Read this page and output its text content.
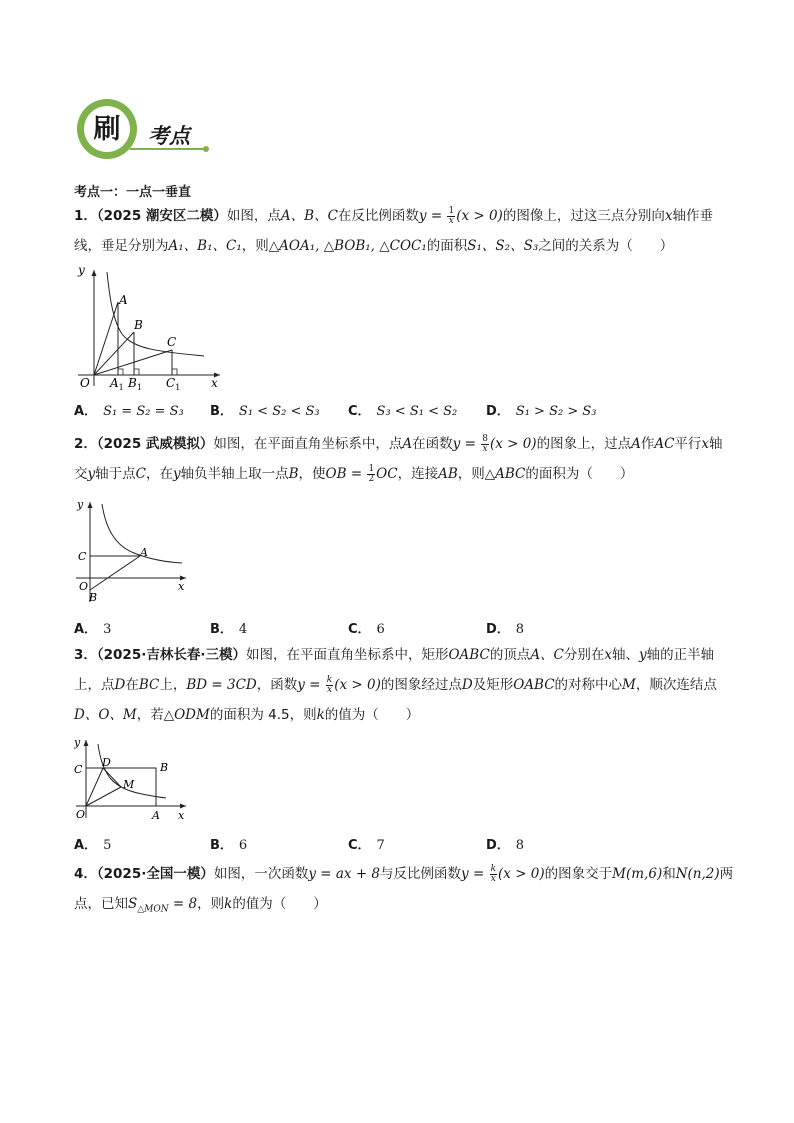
刷 考点
考点一：一点一垂直
1．（2025 潮安区二模）如图，点A、B、C在反比例函数$y = \frac{1}{x} (x > 0)$的图像上，过这三点分别向x轴作垂
线，垂足分别为A₁、B₁、C₁，则△AOA₁, △BOB₁, △COC₁的面积S₁、S₂、S₃之间的关系为（　　）
y
x
O
A
B
C
$A_1$ $B_1$ $C_1$
A． S₁ = S₂ = S₃ B． S₁ < S₂ < S₃ C． S₃ < S₁ < S₂ D． S₁ > S₂ > S₃
2．（2025 武威模拟）如图，在平面直角坐标系中，点A在函数$y = \frac{8}{x} (x > 0)$的图象上，过点A作AC平行x轴
交y轴于点C，在y轴负半轴上取一点B，使OB = $\frac{1}{2}$ OC，连接AB，则△ABC的面积为（　　）
y
x
O
C	A
B
A． 3	B． 4	C． 6	D． 8
3．（2025·吉林长春·三模）如图，在平面直角坐标系中，矩形OABC的顶点A、C分别在x轴、y轴的正半轴
上，点D在BC上，BD = 3CD，函数$y = \frac{k}{x} (x > 0)$的图象经过点D及矩形OABC的对称中心M，顺次连结点
D、O、M，若△ODM的面积为 4.5，则k的值为（　　）
y
x
O
C	B
A
D
M
A． 5	B． 6	C． 7	D． 8
4．（2025·全国一模）如图，一次函数y = ax + 8与反比例函数$y = \frac{k}{x} (x > 0)$的图象交于M(m,6)和N(n,2)两
点，已知$S_{\triangle MON} = 8$，则k的值为（　　）
